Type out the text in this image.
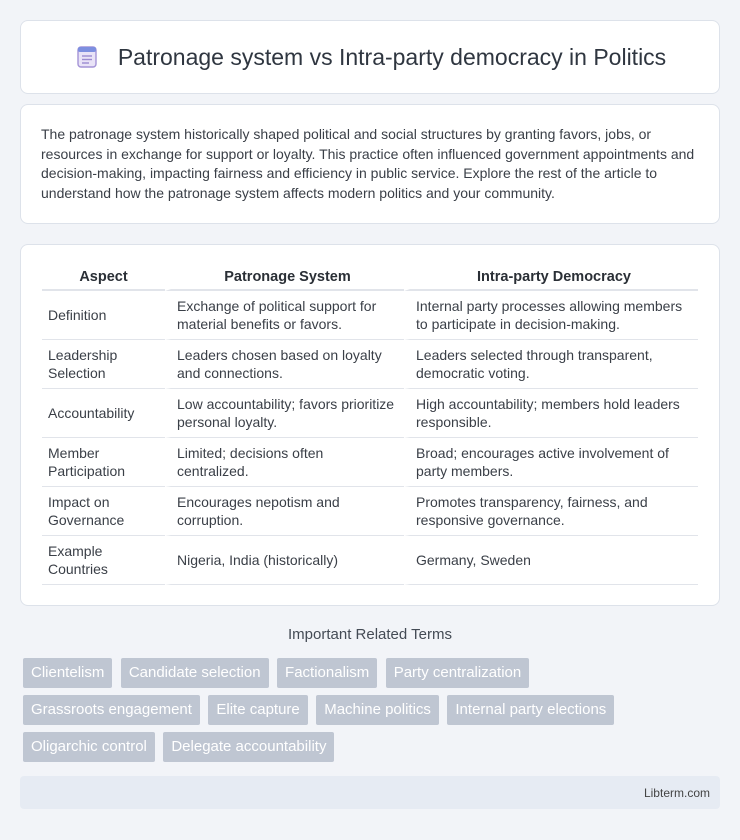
Patronage system vs Intra-party democracy in Politics

The patronage system historically shaped political and social structures by granting favors, jobs, or resources in exchange for support or loyalty. This practice often influenced government appointments and decision-making, impacting fairness and efficiency in public service. Explore the rest of the article to understand how the patronage system affects modern politics and your community.

Aspect	Patronage System	Intra-party Democracy
Definition	Exchange of political support for material benefits or favors.	Internal party processes allowing members to participate in decision-making.
Leadership Selection	Leaders chosen based on loyalty and connections.	Leaders selected through transparent, democratic voting.
Accountability	Low accountability; favors prioritize personal loyalty.	High accountability; members hold leaders responsible.
Member Participation	Limited; decisions often centralized.	Broad; encourages active involvement of party members.
Impact on Governance	Encourages nepotism and corruption.	Promotes transparency, fairness, and responsive governance.
Example Countries	Nigeria, India (historically)	Germany, Sweden
Important Related Terms
Clientelism Candidate selection Factionalism Party centralization Grassroots engagement Elite capture Machine politics Internal party elections Oligarchic control Delegate accountability
Libterm.com
